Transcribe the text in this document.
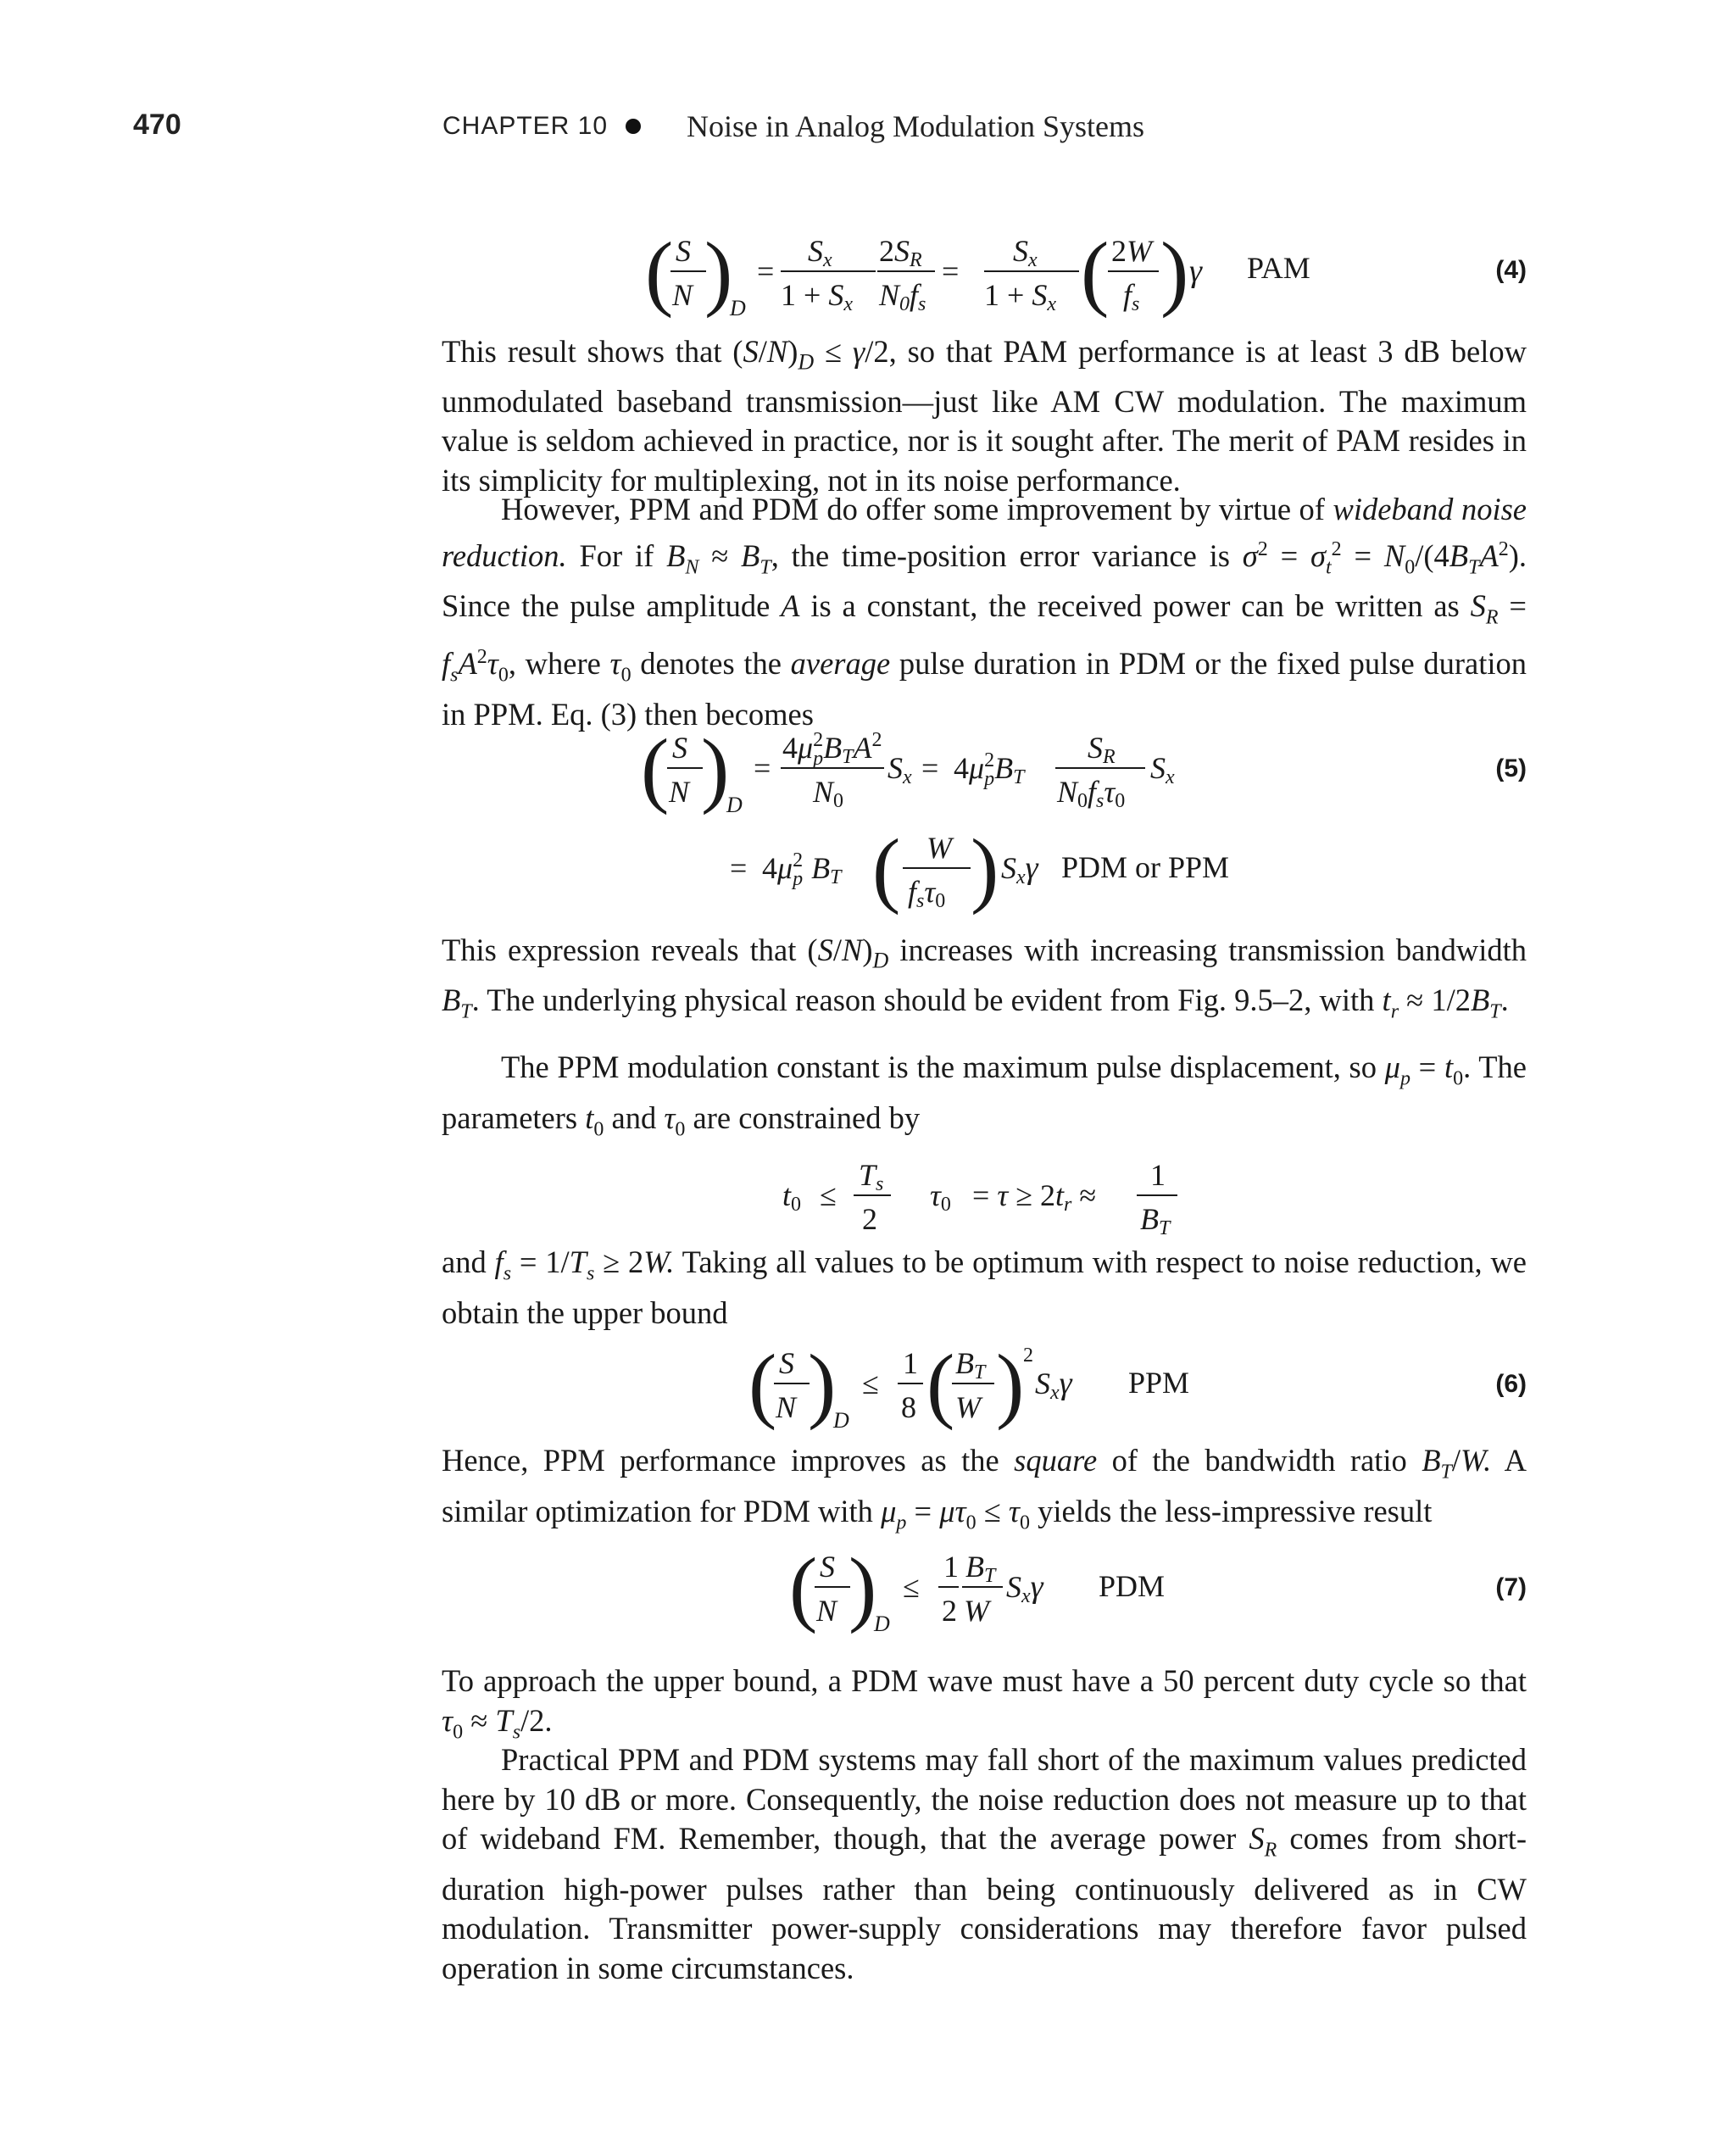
470	CHAPTER 10	Noise in Analog Modulation Systems
( S
N )
D
=
Sx
1 + Sx
2SR
N0fs
=
Sx
1 + Sx ( 2W
fs ) γ PAM	(4)

This result shows that $(S/N)_D \le \gamma/2$, so that PAM performance is at least 3 dB below unmodulated baseband transmission—just like AM CW modulation. The maximum value is seldom achieved in practice, nor is it sought after. The merit of PAM resides in its simplicity for multiplexing, not in its noise performance.

However, PPM and PDM do offer some improvement by virtue of wideband noise reduction. For if $B_N \approx B_T$, the time-position error variance is $\sigma^2 = \sigma_t^2 = N_0/(4B_TA^2)$. Since the pulse amplitude A is a constant, the received power can be written as $S_R = f_sA^2\tau_0$, where $\tau_0$ denotes the average pulse duration in PDM or the fixed pulse duration in PPM. Eq. (3) then becomes

( S
N )
D
=
$4\mu_p2BTA^2$
N0
$Sx = 4\mu_p2BT$
SR
N0fsτ0
Sx
= $4\mu_p2$ BT ( W
fsτ0 ) Sxγ PDM or PPM
(5)

This expression reveals that $(S/N)_D$ increases with increasing transmission bandwidth $B_T$. The underlying physical reason should be evident from Fig. 9.5–2, with $t_r \approx 1/2B_T$.

The PPM modulation constant is the maximum pulse displacement, so $\mu_p = t_0$. The parameters $t_0$ and $\tau_0$ are constrained by

t0 ≤
Ts
2
τ0 = τ ≥ 2tr ≈
1
BT

and $f_s = 1/T_s \ge 2W$. Taking all values to be optimum with respect to noise reduction, we obtain the upper bound

( S
N )
D
≤
1
8 ( BT
W )
2
Sxγ PPM	(6)

Hence, PPM performance improves as the square of the bandwidth ratio $B_T/W$. A similar optimization for PDM with $\mu_p = \mu\tau_0 \le \tau_0$ yields the less-impressive result

( S
N )
D
≤
1
2
BT
W
Sxγ PDM	(7)

To approach the upper bound, a PDM wave must have a 50 percent duty cycle so that $\tau_0 \approx T_s/2$.

Practical PPM and PDM systems may fall short of the maximum values predicted here by 10 dB or more. Consequently, the noise reduction does not measure up to that of wideband FM. Remember, though, that the average power $S_R$ comes from short-duration high-power pulses rather than being continuously delivered as in CW modulation. Transmitter power-supply considerations may therefore favor pulsed operation in some circumstances.
